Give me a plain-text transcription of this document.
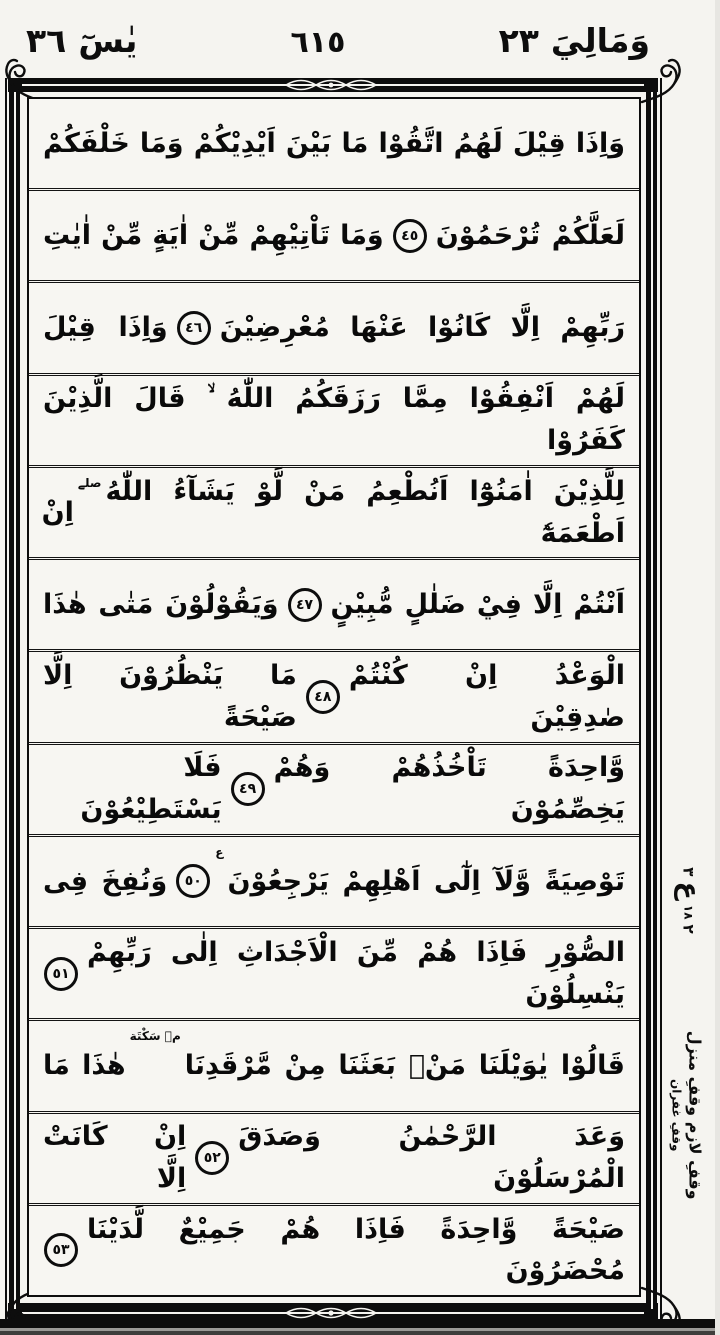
وَمَالِيَ
٢٣
٦١٥
يٰسٓ
٣٦
وَاِذَا قِيْلَ لَهُمُ اتَّقُوْا مَا بَيْنَ اَيْدِيْكُمْ وَمَا خَلْفَكُمْ
لَعَلَّكُمْ تُرْحَمُوْنَ
٤٥
وَمَا تَاْتِيْهِمْ مِّنْ اٰيَةٍ مِّنْ اٰيٰتِ
رَبِّهِمْ اِلَّا كَانُوْا عَنْهَا مُعْرِضِيْنَ
٤٦
وَاِذَا قِيْلَ
لَهُمْ اَنْفِقُوْا مِمَّا رَزَقَكُمُ اللّٰهُ ۙ قَالَ الَّذِيْنَ كَفَرُوْا
لِلَّذِيْنَ اٰمَنُوْٓا اَنُطْعِمُ مَنْ لَّوْ يَشَآءُ اللّٰهُ اَطْعَمَهٗٓ
صلے
اِنْ
اَنْتُمْ اِلَّا فِيْ ضَلٰلٍ مُّبِيْنٍ
٤٧
وَيَقُوْلُوْنَ مَتٰى هٰذَا
الْوَعْدُ اِنْ كُنْتُمْ صٰدِقِيْنَ
٤٨
مَا يَنْظُرُوْنَ اِلَّا صَيْحَةً
وَّاحِدَةً تَاْخُذُهُمْ وَهُمْ يَخِصِّمُوْنَ
٤٩
فَلَا يَسْتَطِيْعُوْنَ
تَوْصِيَةً وَّلَآ اِلٰٓى اَهْلِهِمْ يَرْجِعُوْنَ
ع
٥٠
وَنُفِخَ فِى
الصُّوْرِ فَاِذَا هُمْ مِّنَ الْاَجْدَاثِ اِلٰى رَبِّهِمْ يَنْسِلُوْنَ
٥١
قَالُوْا يٰوَيْلَنَا مَنْۢ بَعَثَنَا مِنْ مَّرْقَدِنَا
مۘ سَكْتَة
هٰذَا مَا
وَعَدَ الرَّحْمٰنُ وَصَدَقَ الْمُرْسَلُوْنَ
٥٢
اِنْ كَانَتْ اِلَّا
صَيْحَةً وَّاحِدَةً فَاِذَا هُمْ جَمِيْعٌ لَّدَيْنَا مُحْضَرُوْنَ
٥٣
٣
ع
١٨
٢
وقفِ لازم وقفِ منزل
وقفِ غفران
